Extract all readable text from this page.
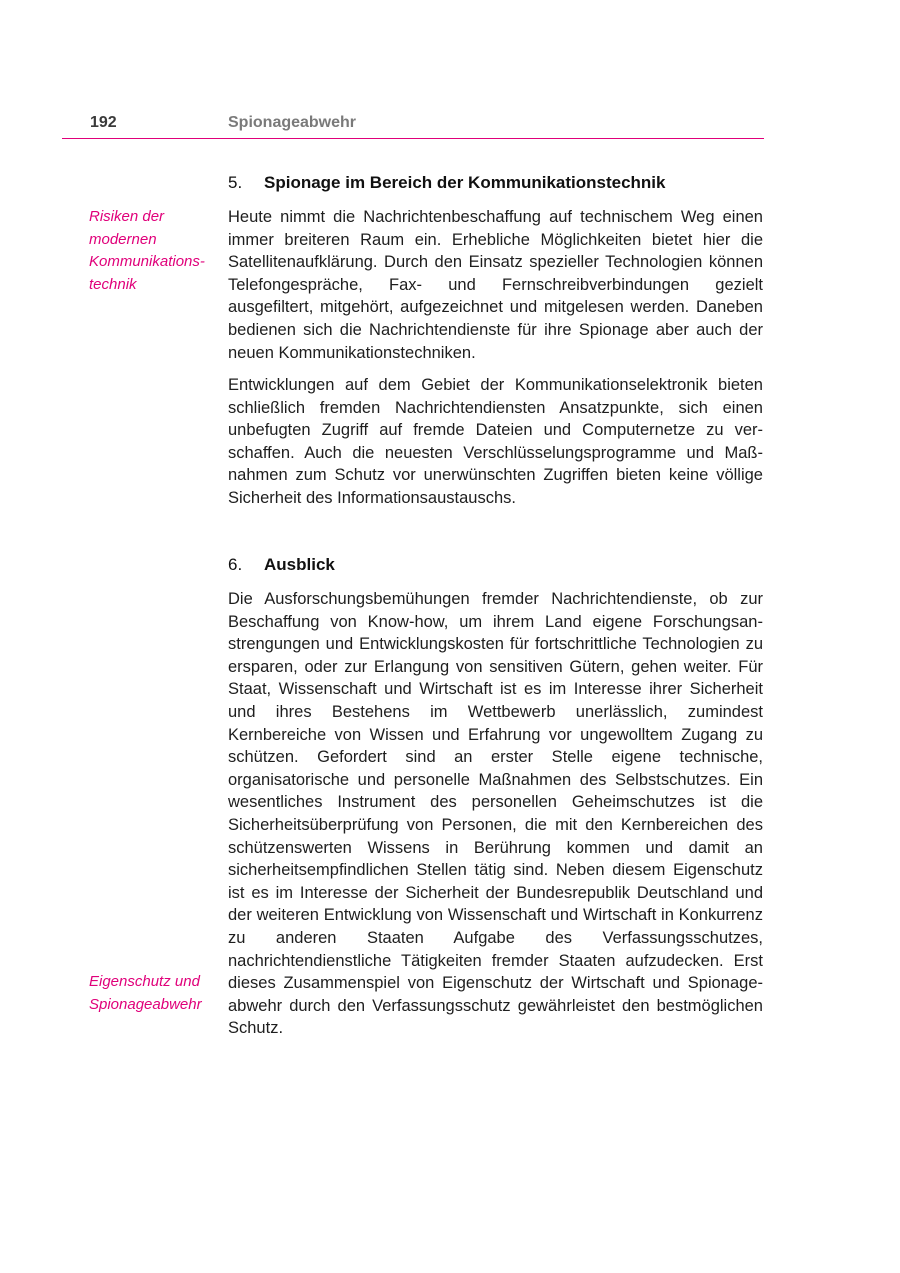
192	Spionageabwehr
5. Spionage im Bereich der Kommunikationstechnik
Risiken der
modernen
Kommunikations-
technik

Heute nimmt die Nachrichtenbeschaffung auf technischem Weg einen immer breiteren Raum ein. Erhebliche Möglichkeiten bietet hier die Satellitenaufklärung. Durch den Einsatz spezieller Technologien können Telefongespräche, Fax- und Fernschreibverbindungen gezielt ausgefiltert, mitgehört, aufgezeichnet und mitgelesen werden. Daneben bedienen sich die Nachrichtendienste für ihre Spionage aber auch der neuen Kommunikationstechniken.

Entwicklungen auf dem Gebiet der Kommunikationselektronik bieten schließlich fremden Nachrichtendiensten Ansatzpunkte, sich einen unbefugten Zugriff auf fremde Dateien und Computernetze zu verschaffen. Auch die neuesten Verschlüsselungsprogramme und Maßnahmen zum Schutz vor unerwünschten Zugriffen bieten keine völlige Sicherheit des Informationsaustauschs.

6. Ausblick

Die Ausforschungsbemühungen fremder Nachrichtendienste, ob zur Beschaffung von Know-how, um ihrem Land eigene Forschungsanstrengungen und Entwicklungskosten für fortschrittliche Technologien zu ersparen, oder zur Erlangung von sensitiven Gütern, gehen weiter. Für Staat, Wissenschaft und Wirtschaft ist es im Interesse ihrer Sicherheit und ihres Bestehens im Wettbewerb unerlässlich, zumindest Kernbereiche von Wissen und Erfahrung vor ungewolltem Zugang zu schützen. Gefordert sind an erster Stelle eigene technische, organisatorische und personelle Maßnahmen des Selbstschutzes. Ein wesentliches Instrument des personellen Geheimschutzes ist die Sicherheitsüberprüfung von Personen, die mit den Kernbereichen des schützenswerten Wissens in Berührung kommen und damit an sicherheitsempfindlichen Stellen tätig sind. Neben diesem Eigenschutz ist es im Interesse der Sicherheit der Bundesrepublik Deutschland und der weiteren Entwicklung von Wissenschaft und Wirtschaft in Konkurrenz zu anderen Staaten Aufgabe des Verfassungsschutzes, nachrichtendienstliche Tätigkeiten fremder Staaten aufzudecken. Erst dieses Zusammenspiel von Eigenschutz der Wirtschaft und Spionageabwehr durch den Verfassungsschutz gewährleistet den bestmöglichen Schutz.

Eigenschutz und
Spionageabwehr
